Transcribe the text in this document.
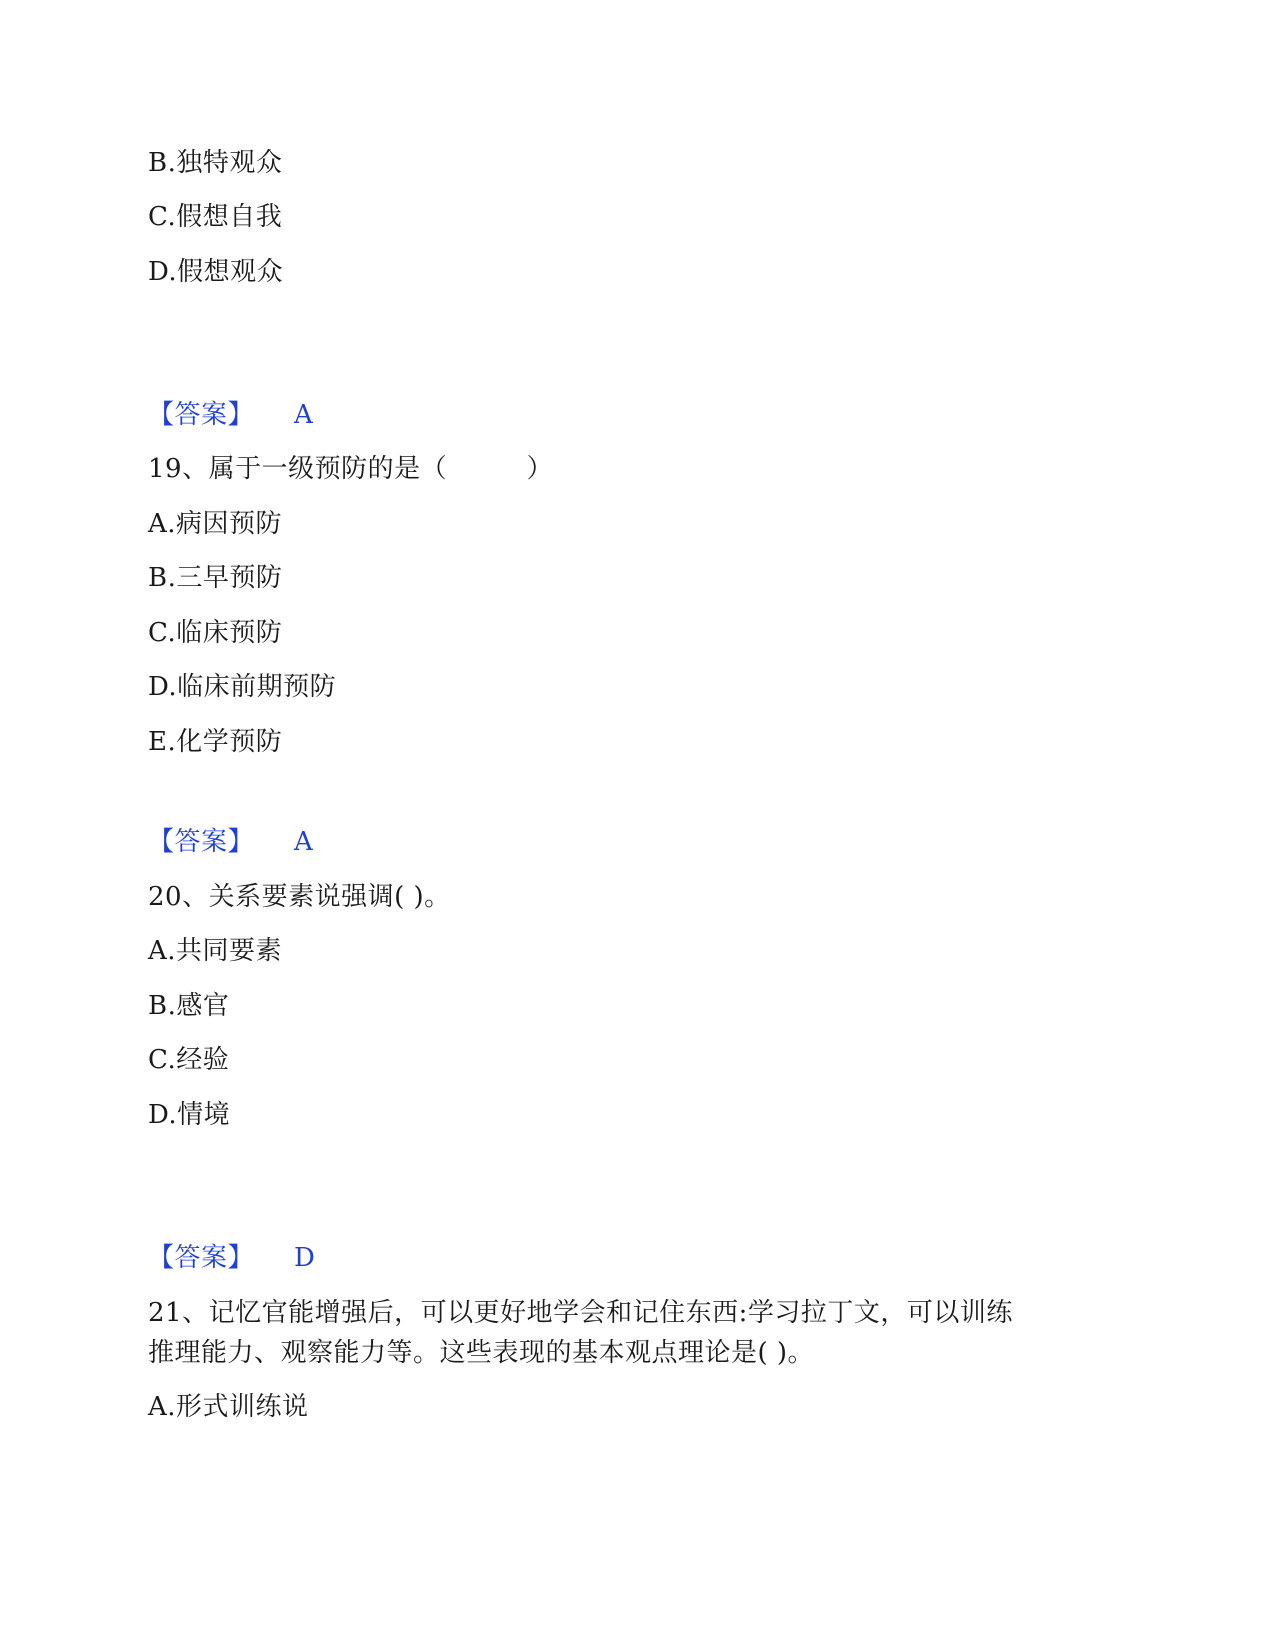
B.独特观众
C.假想自我
D.假想观众
【答案】 A
19、属于一级预防的是（　　　）
A.病因预防
B.三早预防
C.临床预防
D.临床前期预防
E.化学预防
【答案】 A
20、关系要素说强调( )。
A.共同要素
B.感官
C.经验
D.情境
【答案】 D
21、记忆官能增强后，可以更好地学会和记住东西:学习拉丁文，可以训练
推理能力、观察能力等。这些表现的基本观点理论是( )。
A.形式训练说
